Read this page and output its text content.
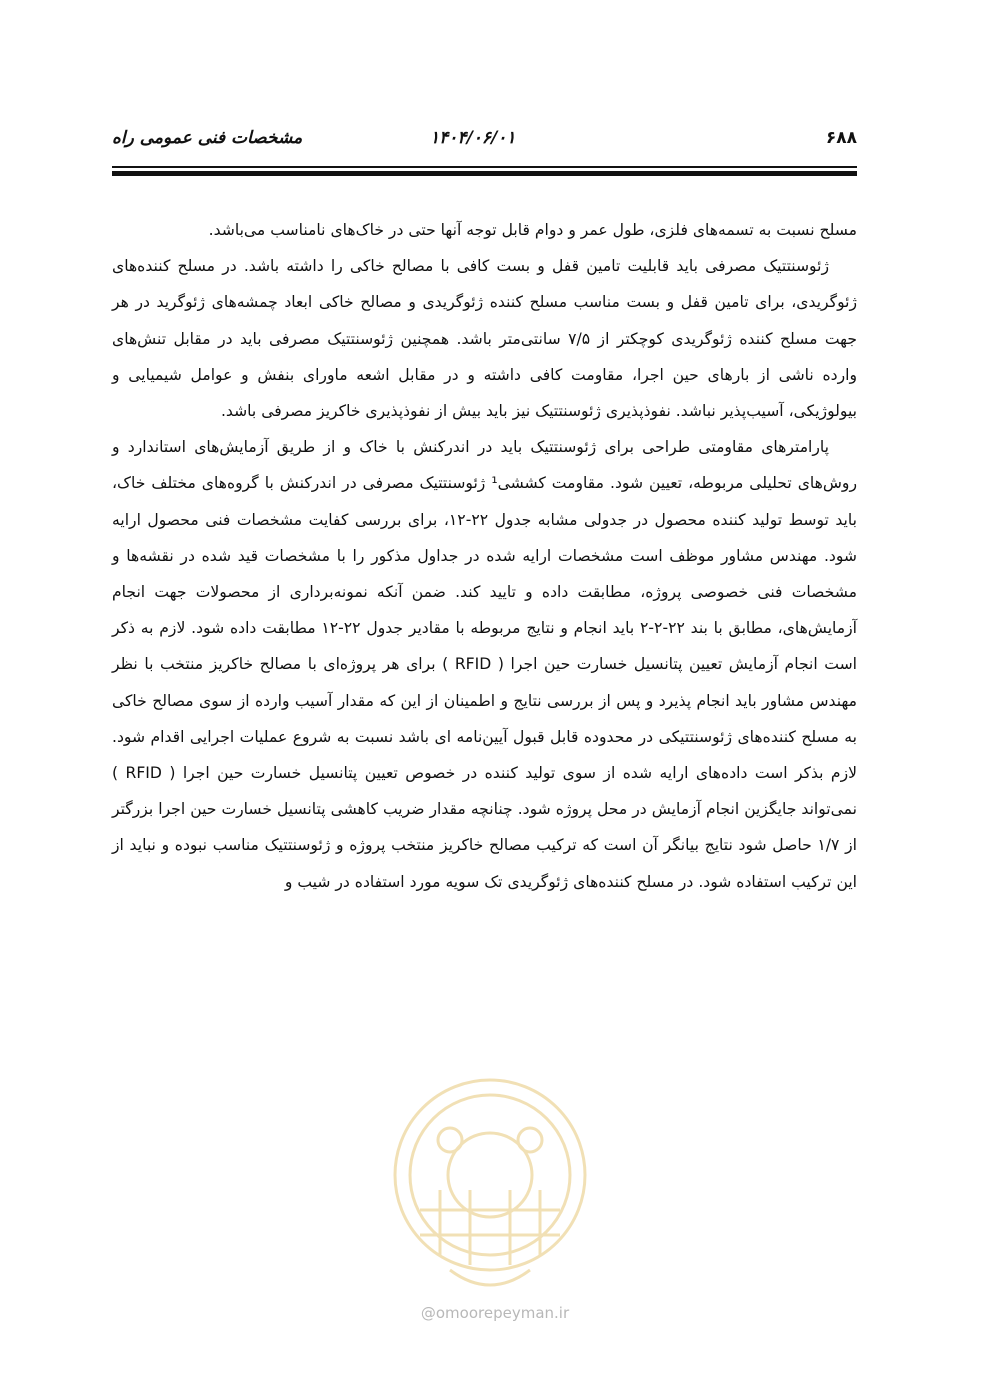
۶۸۸
۱۴۰۴/۰۶/۰۱
مشخصات فنی عمومی راه

مسلح نسبت به تسمه‌های فلزی، طول عمر و دوام قابل توجه آنها حتی در خاک‌های نامناسب می‌باشد.

ژئوسنتتیک مصرفی باید قابلیت تامین قفل و بست کافی با مصالح خاکی را داشته باشد. در مسلح کننده‌های ژئوگریدی، برای تامین قفل و بست مناسب مسلح کننده ژئوگریدی و مصالح خاکی ابعاد چمشه‌های ژئوگرید در هر جهت مسلح کننده ژئوگریدی کوچکتر از ۷/۵ سانتی‌متر باشد. همچنین ژئوسنتتیک مصرفی باید در مقابل تنش‌های وارده ناشی از بارهای حین اجرا، مقاومت کافی داشته و در مقابل اشعه ماورای بنفش و عوامل شیمیایی و بیولوژیکی، آسیب‌پذیر نباشد. نفوذپذیری ژئوسنتتیک نیز باید بیش از نفوذپذیری خاکریز مصرفی باشد.

پارامترهای مقاومتی طراحی برای ژئوسنتتیک باید در اندرکنش با خاک و از طریق آزمایش‌های استاندارد و روش‌های تحلیلی مربوطه، تعیین شود. مقاومت کششی¹ ژئوسنتتیک مصرفی در اندرکنش با گروه‌های مختلف خاک، باید توسط تولید کننده محصول در جدولی مشابه جدول ۲۲-۱۲، برای بررسی کفایت مشخصات فنی محصول ارایه شود. مهندس مشاور موظف است مشخصات ارایه شده در جداول مذکور را با مشخصات قید شده در نقشه‌ها و مشخصات فنی خصوصی پروژه، مطابقت داده و تایید کند. ضمن آنکه نمونه‌برداری از محصولات جهت انجام آزمایش‌های، مطابق با بند ۲۲-۲-۲ باید انجام و نتایج مربوطه با مقادیر جدول ۲۲-۱۲ مطابقت داده شود. لازم به ذکر است انجام آزمایش تعیین پتانسیل خسارت حین اجرا ( RFID ) برای هر پروژه‌ای با مصالح خاکریز منتخب با نظر مهندس مشاور باید انجام پذیرد و پس از بررسی نتایج و اطمینان از این که مقدار آسیب وارده از سوی مصالح خاکی به مسلح کننده‌های ژئوسنتتیکی در محدوده قابل قبول آیین‌نامه ای باشد نسبت به شروع عملیات اجرایی اقدام شود. لازم بذکر است داده‌های ارایه شده از سوی تولید کننده در خصوص تعیین پتانسیل خسارت حین اجرا ( RFID ) نمی‌تواند جایگزین انجام آزمایش در محل پروژه شود. چنانچه مقدار ضریب کاهشی پتانسیل خسارت حین اجرا بزرگتر از ۱/۷ حاصل شود نتایج بیانگر آن است که ترکیب مصالح خاکریز منتخب پروژه و ژئوسنتتیک مناسب نبوده و نباید از این ترکیب استفاده شود. در مسلح کننده‌های ژئوگریدی تک سویه مورد استفاده در شیب و

@omoorepeyman.ir
